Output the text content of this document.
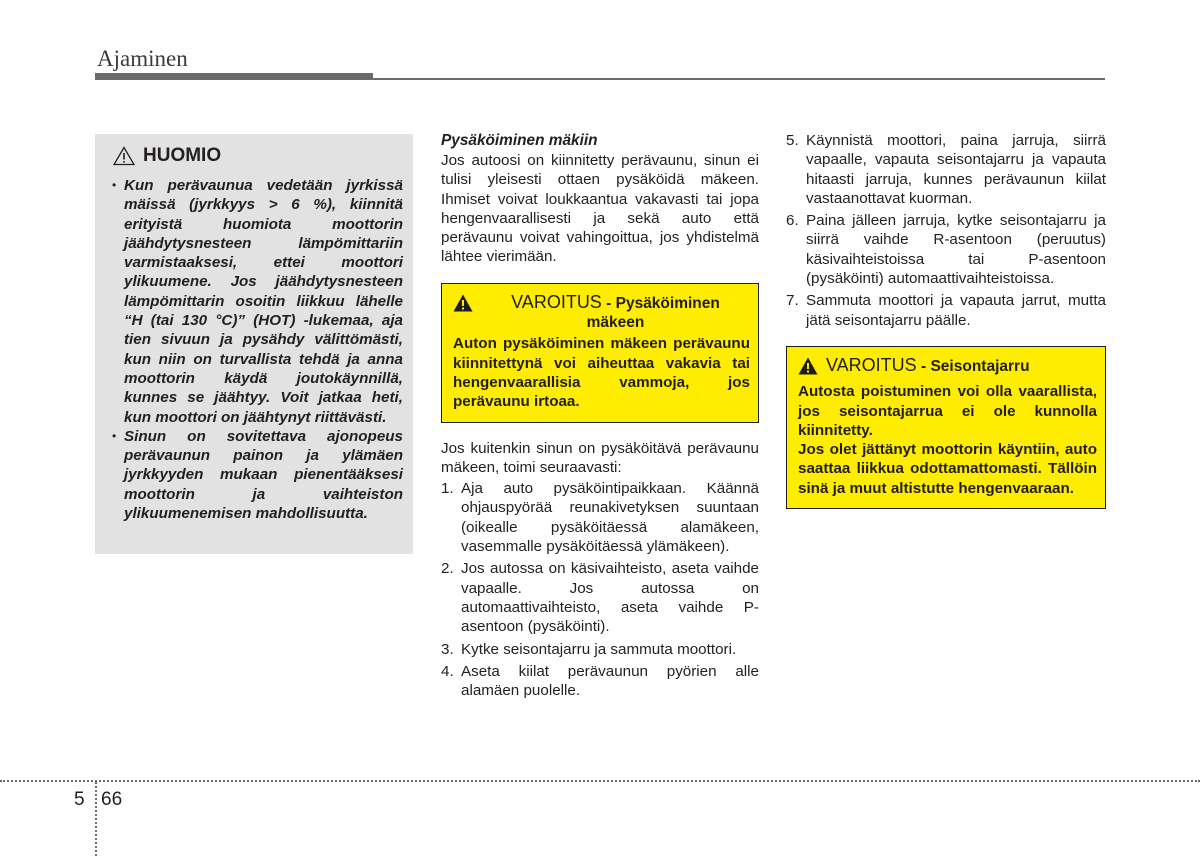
Ajaminen
HUOMIO
• Kun perävaunua vedetään jyrkissä mäissä (jyrkkyys > 6 %), kiinnitä erityistä huomiota moottorin jäähdytysnesteen lämpömittariin varmistaaksesi, ettei moottori ylikuumene. Jos jäähdytysnesteen lämpömittarin osoitin liikkuu lähelle “H (tai 130 °C)” (HOT) -lukemaa, aja tien sivuun ja pysähdy välittömästi, kun niin on turvallista tehdä ja anna moottorin käydä joutokäynnillä, kunnes se jäähtyy. Voit jatkaa heti, kun moottori on jäähtynyt riittävästi.
• Sinun on sovitettava ajonopeus perävaunun painon ja ylämäen jyrkkyyden mukaan pienentääksesi moottorin ja vaihteiston ylikuumenemisen mahdollisuutta.
Pysäköiminen mäkiin

Jos autoosi on kiinnitetty perävaunu, sinun ei tulisi yleisesti ottaen pysäköidä mäkeen. Ihmiset voivat loukkaantua vakavasti tai jopa hengenvaarallisesti ja sekä auto että perävaunu voivat vahingoittua, jos yhdistelmä lähtee vierimään.

VAROITUS - Pysäköiminen mäkeen
Auton pysäköiminen mäkeen perävaunu kiinnitettynä voi aiheuttaa vakavia tai hengenvaarallisia vammoja, jos perävaunu irtoaa.

Jos kuitenkin sinun on pysäköitävä perävaunu mäkeen, toimi seuraavasti:

1. Aja auto pysäköintipaikkaan. Käännä ohjauspyörää reunakivetyksen suuntaan (oikealle pysäköitäessä alamäkeen, vasemmalle pysäköitäessä ylämäkeen).
2. Jos autossa on käsivaihteisto, aseta vaihde vapaalle. Jos autossa on automaattivaihteisto, aseta vaihde P-asentoon (pysäköinti).
3. Kytke seisontajarru ja sammuta moottori.
4. Aseta kiilat perävaunun pyörien alle alamäen puolelle.
5. Käynnistä moottori, paina jarruja, siirrä vapaalle, vapauta seisontajarru ja vapauta hitaasti jarruja, kunnes perävaunun kiilat vastaanottavat kuorman.
6. Paina jälleen jarruja, kytke seisontajarru ja siirrä vaihde R-asentoon (peruutus) käsivaihteistoissa tai P-asentoon (pysäköinti) automaattivaihteistoissa.
7. Sammuta moottori ja vapauta jarrut, mutta jätä seisontajarru päälle.
VAROITUS - Seisontajarru
Autosta poistuminen voi olla vaarallista, jos seisontajarrua ei ole kunnolla kiinnitetty.
Jos olet jättänyt moottorin käyntiin, auto saattaa liikkua odottamattomasti. Tällöin sinä ja muut altistutte hengenvaaraan.
5 66
